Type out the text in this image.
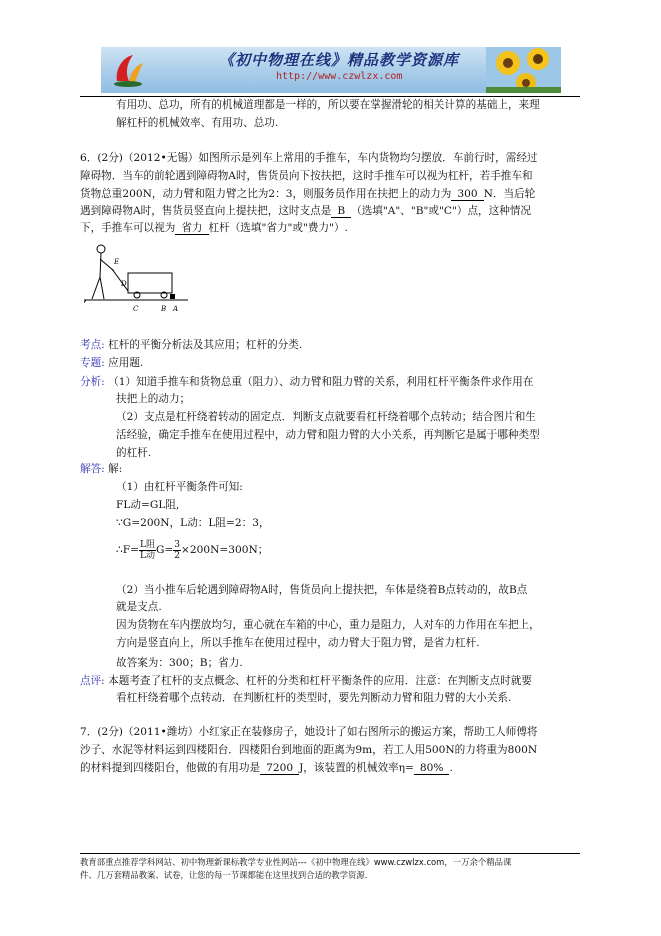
《初中物理在线》精品教学资源库
http://www.czwlzx.com
有用功、总功，所有的机械道理都是一样的，所以要在掌握滑轮的相关计算的基础上，来理
解杠杆的机械效率、有用功、总功.
6．(2分)（2012•无锡）如图所示是列车上常用的手推车，车内货物均匀摆放．车前行时，需经过
障碍物．当车的前轮遇到障碍物A时，售货员向下按扶把，这时手推车可以视为杠杆，若手推车和
货物总重200N，动力臂和阻力臂之比为2：3，则服务员作用在扶把上的动力为 300 N．当后轮
遇到障碍物A时，售货员竖直向上提扶把，这时支点是 B （选填"A"、"B"或"C"）点，这种情况
下，手推车可以视为 省力 杠杆（选填"省力"或"费力"）.
E
D
C	B A
考点: 杠杆的平衡分析法及其应用；杠杆的分类.
专题: 应用题.
分析: （1）知道手推车和货物总重（阻力）、动力臂和阻力臂的关系，利用杠杆平衡条件求作用在
扶把上的动力；
（2）支点是杠杆绕着转动的固定点．判断支点就要看杠杆绕着哪个点转动；结合图片和生
活经验，确定手推车在使用过程中，动力臂和阻力臂的大小关系，再判断它是属于哪种类型
的杠杆.
解答: 解:
（1）由杠杆平衡条件可知:
FL动=GL阻,
∵G=200N，L动：L阻=2：3，
∴F= $\frac{\text{L阻}}{\text{L动}} G= \frac{3}{2} \times 200N=300N$；
（2）当小推车后轮遇到障碍物A时，售货员向上提扶把，车体是绕着B点转动的，故B点
就是支点.
因为货物在车内摆放均匀，重心就在车箱的中心，重力是阻力，人对车的力作用在车把上，
方向是竖直向上，所以手推车在使用过程中，动力臂大于阻力臂，是省力杠杆.
故答案为：300；B；省力.
点评: 本题考查了杠杆的支点概念、杠杆的分类和杠杆平衡条件的应用．注意：在判断支点时就要
看杠杆绕着哪个点转动．在判断杠杆的类型时，要先判断动力臂和阻力臂的大小关系.
7．(2分)（2011•潍坊）小红家正在装修房子，她设计了如右图所示的搬运方案，帮助工人师傅将
沙子、水泥等材料运到四楼阳台．四楼阳台到地面的距离为9m，若工人用500N的力将重为800N
的材料提到四楼阳台，他做的有用功是 7200 J，该装置的机械效率η= 80% .
教育部重点推荐学科网站、初中物理新课标教学专业性网站---《初中物理在线》www.czwlzx.com，一万余个精品课
件、几万套精品教案、试卷，让您的每一节课都能在这里找到合适的教学资源.
